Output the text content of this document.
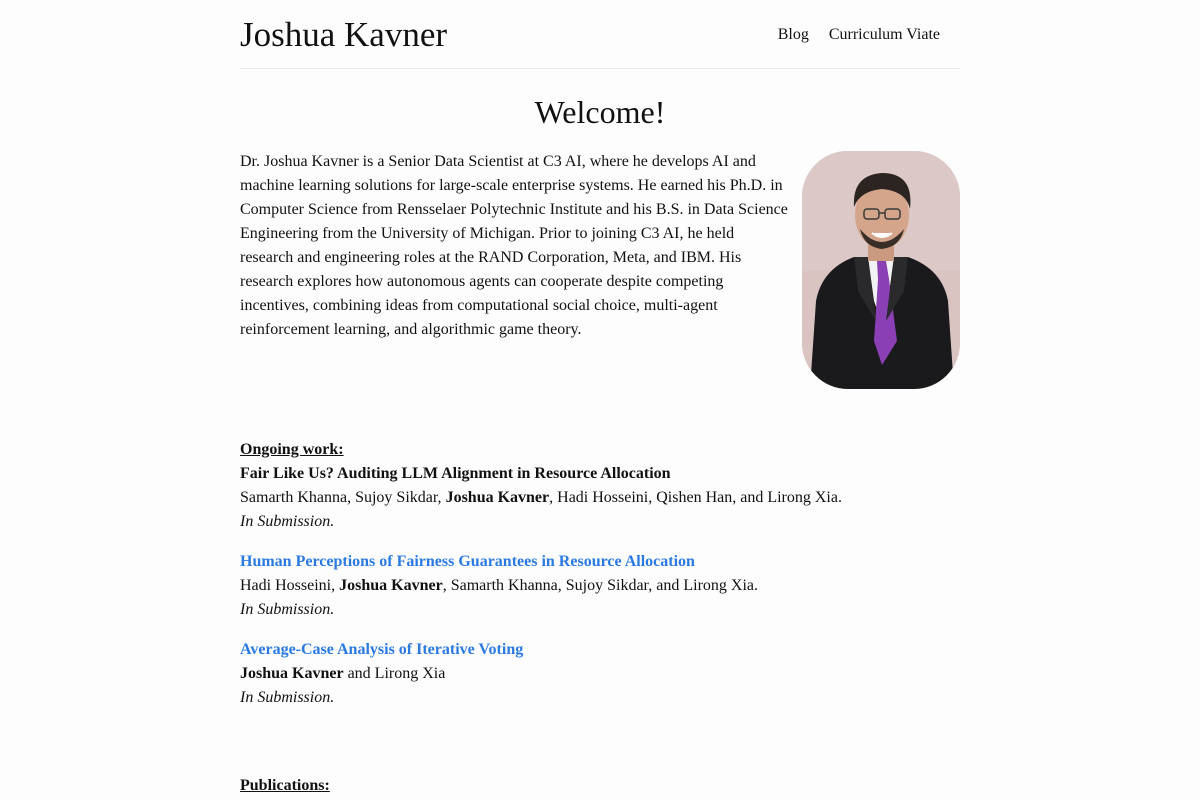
Joshua Kavner	Blog Curriculum Viate
Welcome!

Dr. Joshua Kavner is a Senior Data Scientist at C3 AI, where he develops AI and machine learning solutions for large-scale enterprise systems. He earned his Ph.D. in Computer Science from Rensselaer Polytechnic Institute and his B.S. in Data Science Engineering from the University of Michigan. Prior to joining C3 AI, he held research and engineering roles at the RAND Corporation, Meta, and IBM. His research explores how autonomous agents can cooperate despite competing incentives, combining ideas from computational social choice, multi-agent reinforcement learning, and algorithmic game theory.

Ongoing work:
Fair Like Us? Auditing LLM Alignment in Resource Allocation
Samarth Khanna, Sujoy Sikdar, Joshua Kavner, Hadi Hosseini, Qishen Han, and Lirong Xia.
In Submission.
Human Perceptions of Fairness Guarantees in Resource Allocation
Hadi Hosseini, Joshua Kavner, Samarth Khanna, Sujoy Sikdar, and Lirong Xia.
In Submission.
Average-Case Analysis of Iterative Voting
Joshua Kavner and Lirong Xia
In Submission.
Publications:
